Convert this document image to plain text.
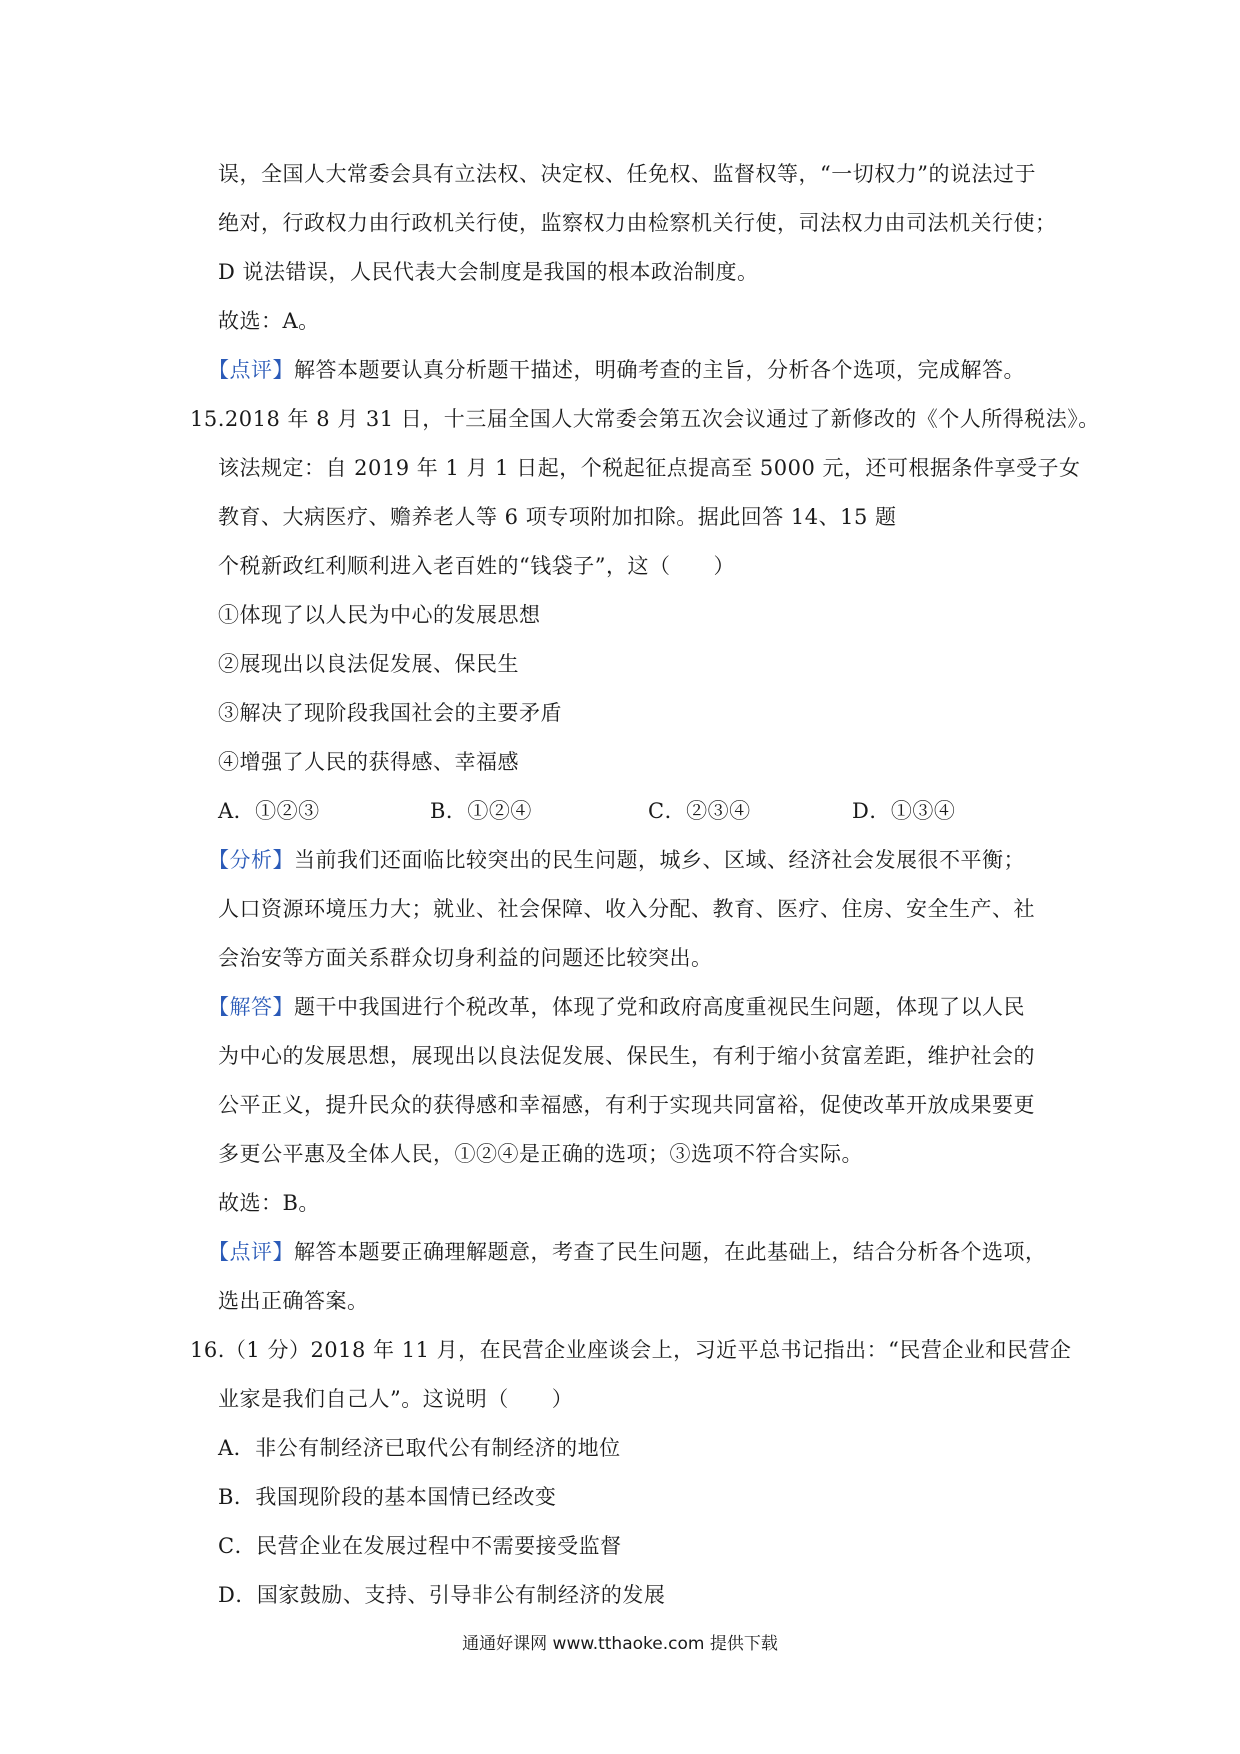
误，全国人大常委会具有立法权、决定权、任免权、监督权等，“一切权力”的说法过于
绝对，行政权力由行政机关行使，监察权力由检察机关行使，司法权力由司法机关行使；
D 说法错误，人民代表大会制度是我国的根本政治制度。
故选：A。
【点评】解答本题要认真分析题干描述，明确考查的主旨，分析各个选项，完成解答。
15.2018 年 8 月 31 日，十三届全国人大常委会第五次会议通过了新修改的《个人所得税法》。
该法规定：自 2019 年 1 月 1 日起，个税起征点提高至 5000 元，还可根据条件享受子女
教育、大病医疗、赡养老人等 6 项专项附加扣除。据此回答 14、15 题
个税新政红利顺利进入老百姓的“钱袋子”，这（　　）
①体现了以人民为中心的发展思想
②展现出以良法促发展、保民生
③解决了现阶段我国社会的主要矛盾
④增强了人民的获得感、幸福感
A．①②③	B．①②④	C．②③④	D．①③④
【分析】当前我们还面临比较突出的民生问题，城乡、区域、经济社会发展很不平衡；
人口资源环境压力大；就业、社会保障、收入分配、教育、医疗、住房、安全生产、社
会治安等方面关系群众切身利益的问题还比较突出。
【解答】题干中我国进行个税改革，体现了党和政府高度重视民生问题，体现了以人民
为中心的发展思想，展现出以良法促发展、保民生，有利于缩小贫富差距，维护社会的
公平正义，提升民众的获得感和幸福感，有利于实现共同富裕，促使改革开放成果要更
多更公平惠及全体人民，①②④是正确的选项；③选项不符合实际。
故选：B。
【点评】解答本题要正确理解题意，考查了民生问题，在此基础上，结合分析各个选项，
选出正确答案。
16.（1 分）2018 年 11 月，在民营企业座谈会上，习近平总书记指出：“民营企业和民营企
业家是我们自己人”。这说明（　　）
A．非公有制经济已取代公有制经济的地位
B．我国现阶段的基本国情已经改变
C．民营企业在发展过程中不需要接受监督
D．国家鼓励、支持、引导非公有制经济的发展
通通好课网 www.tthaoke.com 提供下载
